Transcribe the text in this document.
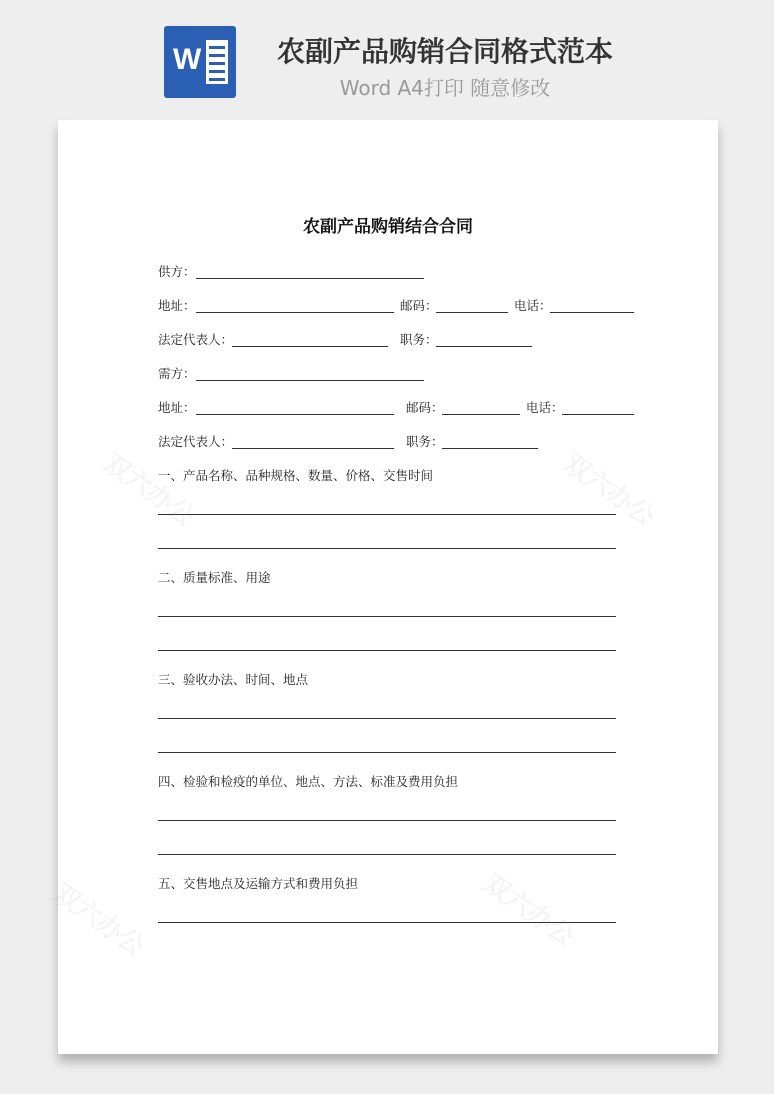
W	农副产品购销合同格式范本
Word A4打印 随意修改
农副产品购销结合合同
供方：
地址：	邮码：	电话：
法定代表人：	职务：
需方：
地址：	邮码：	电话：
法定代表人：	职务：
一、产品名称、品种规格、数量、价格、交售时间
二、质量标准、用途
三、验收办法、时间、地点
四、检验和检疫的单位、地点、方法、标准及费用负担
五、交售地点及运输方式和费用负担
